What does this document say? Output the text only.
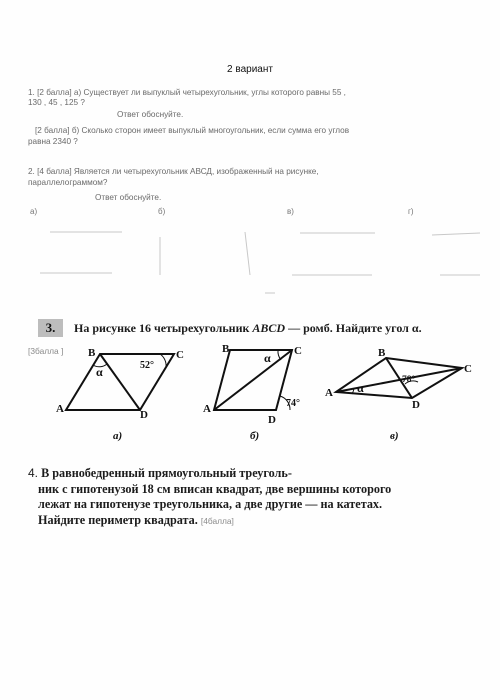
2 вариант
1. [2 балла] а) Существует ли выпуклый четырехугольник, углы которого равны 55 ,
130 , 45 , 125 ?
Ответ обоснуйте.
[2 балла] б) Сколько сторон имеет выпуклый многоугольник, если сумма его углов
равна 2340 ?
2. [4 балла] Является ли четырехугольник АВСД, изображенный на рисунке,
параллелограммом?
Ответ обоснуйте.
а)	б)	в)	г)
3.	На рисунке 16 четырехугольник ABCD — ромб. Найдите угол α.
[3балла ]
52°
α
B	C
A	D
α
74°
B	C
A
D
α
78°
B
C
A
D
а)	б)	в)
4. В равнобедренный прямоугольный треуголь-
ник с гипотенузой 18 см вписан квадрат, две вершины которого
лежат на гипотенузе треугольника, а две другие — на катетах.
Найдите периметр квадрата. [4балла]
